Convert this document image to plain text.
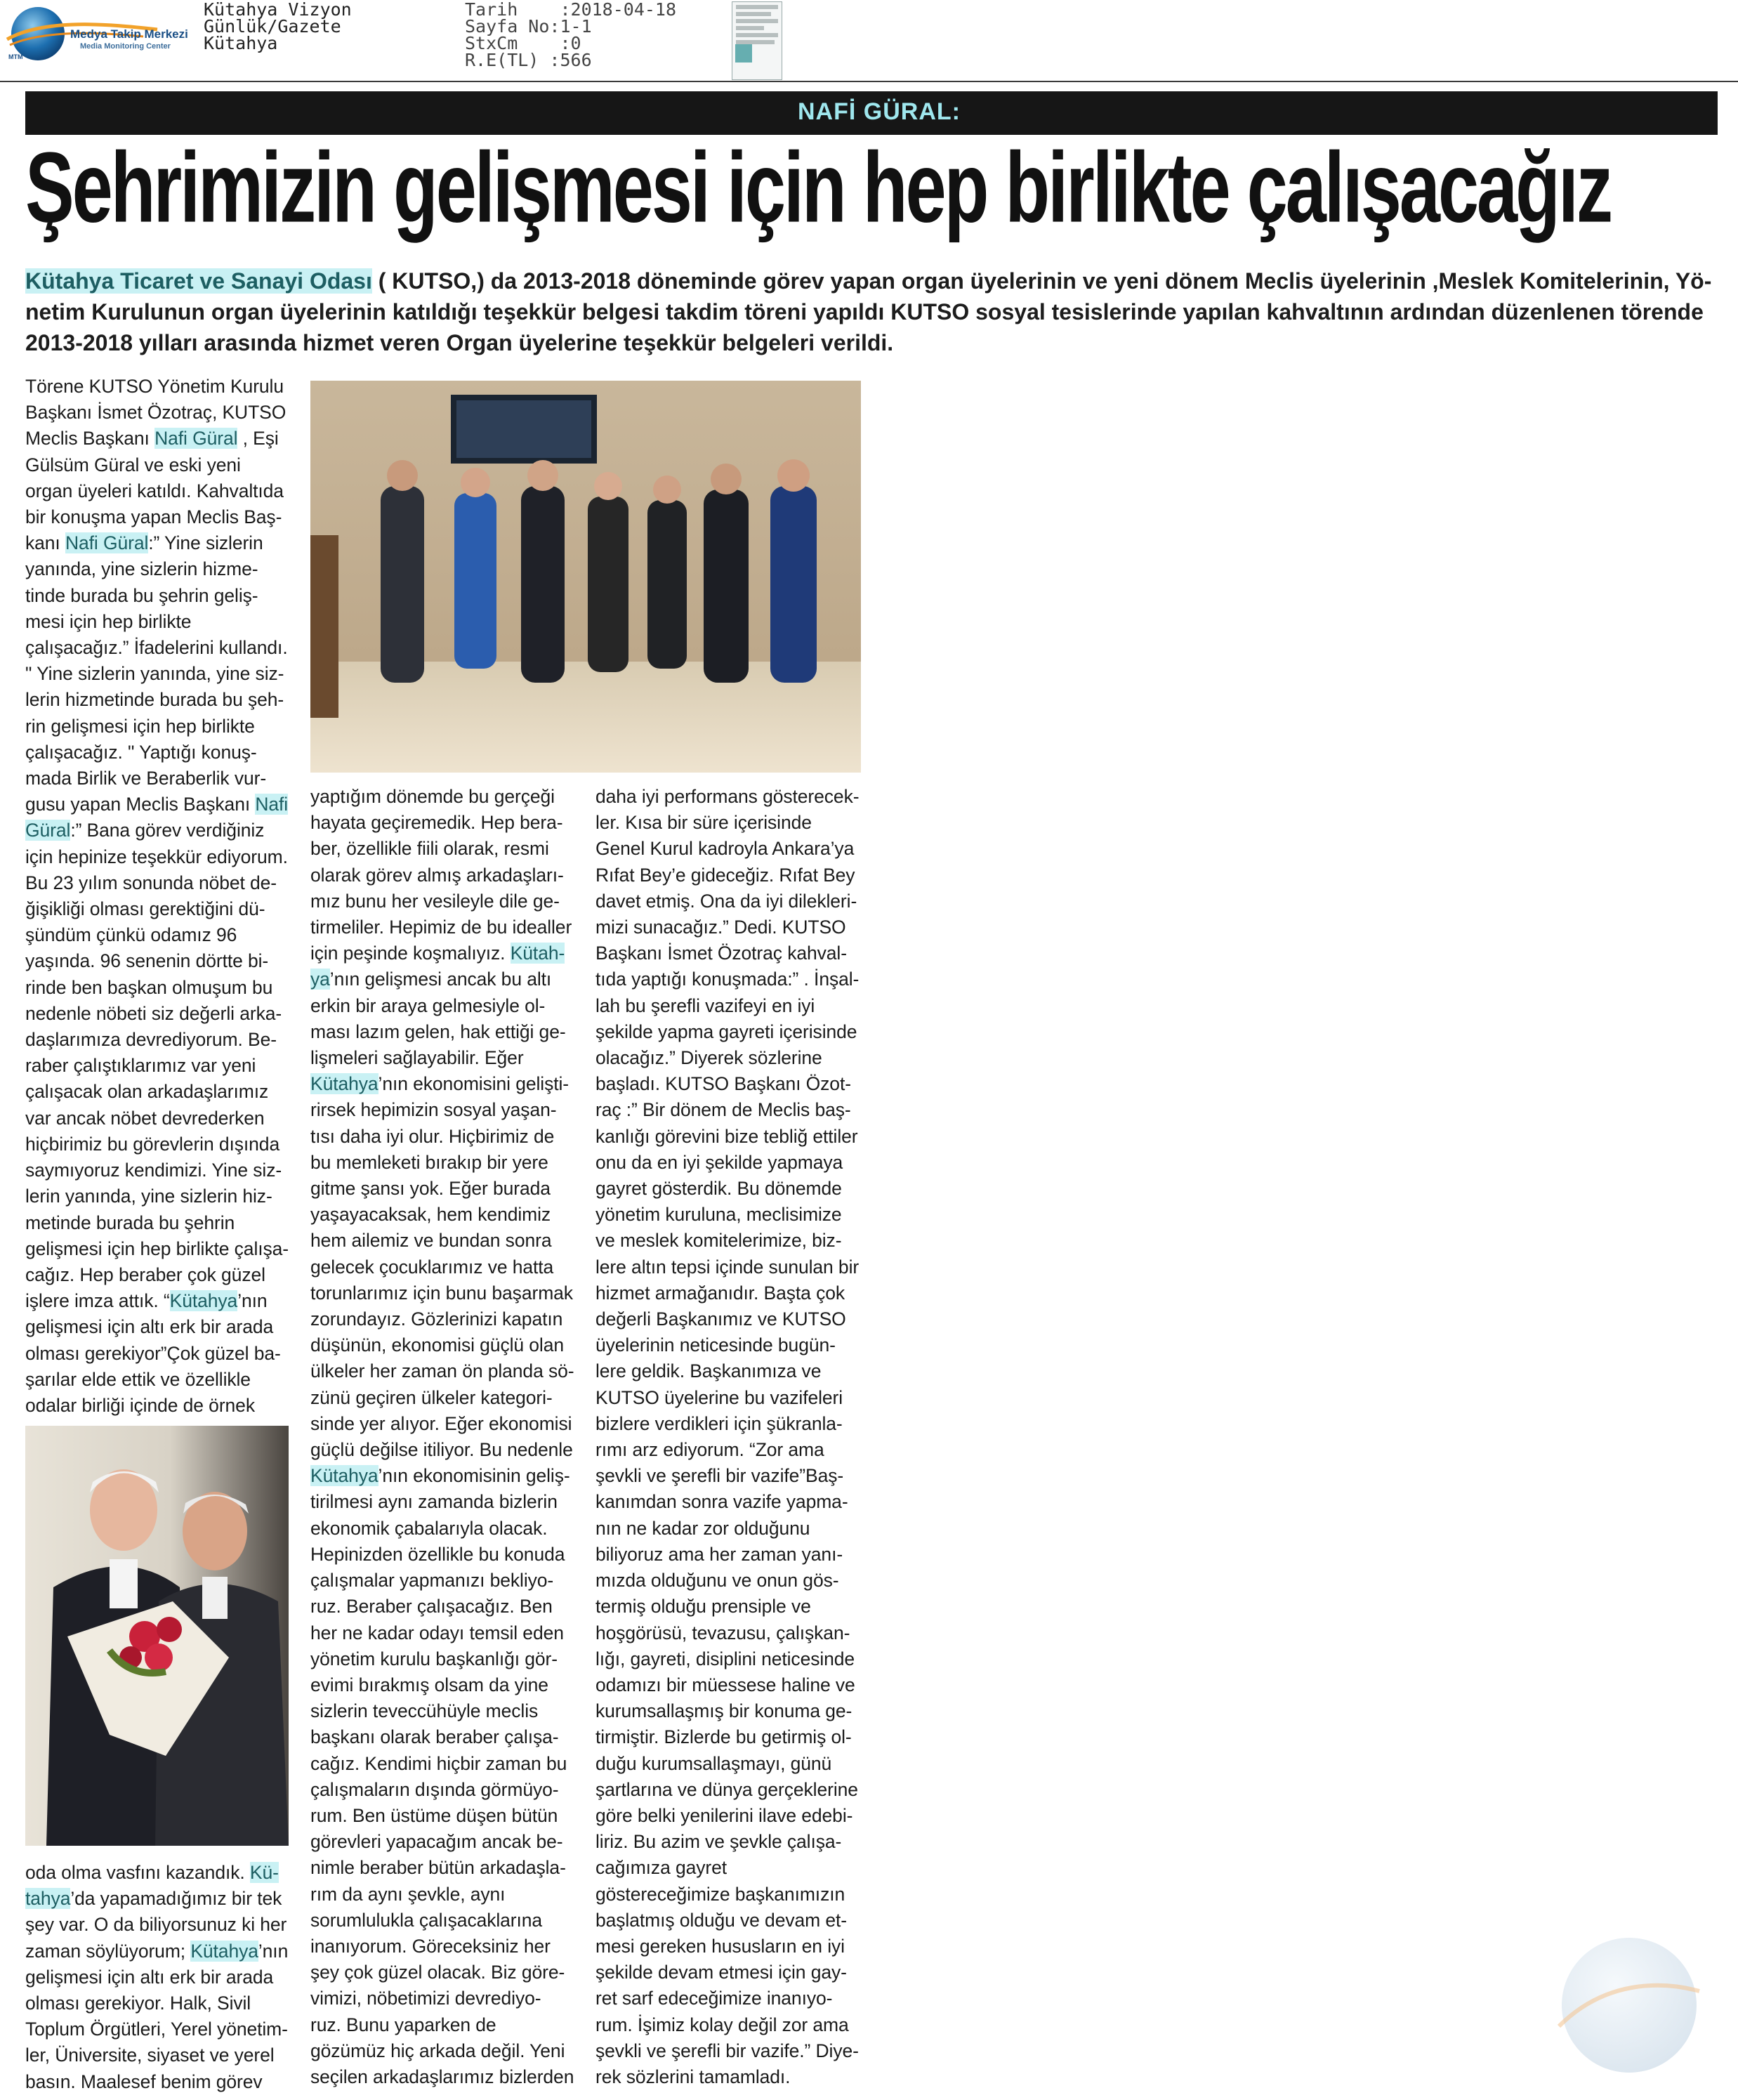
Medya Takip Merkezi
Media Monitoring Center
MTM
Kütahya Vizyon
Günlük/Gazete
Kütahya
Tarih    :2018-04-18
Sayfa No:1-1
StxCm    :0
R.E(TL) :566
NAFİ GÜRAL:
Şehrimizin gelişmesi için hep birlikte çalışacağız
Kütahya Ticaret ve Sanayi Odası ( KUTSO,) da 2013-2018 döneminde görev yapan organ üyelerinin ve yeni dönem Meclis üyelerinin ,Meslek Komitelerinin, Yö-
netim Kurulunun organ üyelerinin katıldığı teşekkür belgesi takdim töreni yapıldı KUTSO sosyal tesislerinde yapılan kahvaltının ardından düzenlenen törende
2013-2018 yılları arasında hizmet veren Organ üyelerine teşekkür belgeleri verildi.
Törene KUTSO Yönetim Kurulu
Başkanı İsmet Özotraç, KUTSO
Meclis Başkanı Nafi Güral , Eşi
Gülsüm Güral ve eski yeni
organ üyeleri katıldı. Kahvaltıda
bir konuşma yapan Meclis Baş-
kanı Nafi Güral:” Yine sizlerin
yanında, yine sizlerin hizme-
tinde burada bu şehrin geliş-
mesi için hep birlikte
çalışacağız.” İfadelerini kullandı.
" Yine sizlerin yanında, yine siz-
lerin hizmetinde burada bu şeh-
rin gelişmesi için hep birlikte
çalışacağız. " Yaptığı konuş-
mada Birlik ve Beraberlik vur-
gusu yapan Meclis Başkanı Nafi
Güral:” Bana görev verdiğiniz
için hepinize teşekkür ediyorum.
Bu 23 yılım sonunda nöbet de-
ğişikliği olması gerektiğini dü-
şündüm çünkü odamız 96
yaşında. 96 senenin dörtte bi-
rinde ben başkan olmuşum bu
nedenle nöbeti siz değerli arka-
daşlarımıza devrediyorum. Be-
raber çalıştıklarımız var yeni
çalışacak olan arkadaşlarımız
var ancak nöbet devrederken
hiçbirimiz bu görevlerin dışında
saymıyoruz kendimizi. Yine siz-
lerin yanında, yine sizlerin hiz-
metinde burada bu şehrin
gelişmesi için hep birlikte çalışa-
cağız. Hep beraber çok güzel
işlere imza attık. “Kütahya’nın
gelişmesi için altı erk bir arada
olması gerekiyor”Çok güzel ba-
şarılar elde ettik ve özellikle
odalar birliği içinde de örnek
oda olma vasfını kazandık. Kü-
tahya’da yapamadığımız bir tek
şey var. O da biliyorsunuz ki her
zaman söylüyorum; Kütahya’nın
gelişmesi için altı erk bir arada
olması gerekiyor. Halk, Sivil
Toplum Örgütleri, Yerel yönetim-
ler, Üniversite, siyaset ve yerel
basın. Maalesef benim görev
yaptığım dönemde bu gerçeği
hayata geçiremedik. Hep bera-
ber, özellikle fiili olarak, resmi
olarak görev almış arkadaşları-
mız bunu her vesileyle dile ge-
tirmeliler. Hepimiz de bu idealler
için peşinde koşmalıyız. Kütah-
ya’nın gelişmesi ancak bu altı
erkin bir araya gelmesiyle ol-
ması lazım gelen, hak ettiği ge-
lişmeleri sağlayabilir. Eğer
Kütahya’nın ekonomisini gelişti-
rirsek hepimizin sosyal yaşan-
tısı daha iyi olur. Hiçbirimiz de
bu memleketi bırakıp bir yere
gitme şansı yok. Eğer burada
yaşayacaksak, hem kendimiz
hem ailemiz ve bundan sonra
gelecek çocuklarımız ve hatta
torunlarımız için bunu başarmak
zorundayız. Gözlerinizi kapatın
düşünün, ekonomisi güçlü olan
ülkeler her zaman ön planda sö-
zünü geçiren ülkeler kategori-
sinde yer alıyor. Eğer ekonomisi
güçlü değilse itiliyor. Bu nedenle
Kütahya’nın ekonomisinin geliş-
tirilmesi aynı zamanda bizlerin
ekonomik çabalarıyla olacak.
Hepinizden özellikle bu konuda
çalışmalar yapmanızı bekliyo-
ruz. Beraber çalışacağız. Ben
her ne kadar odayı temsil eden
yönetim kurulu başkanlığı gör-
evimi bırakmış olsam da yine
sizlerin teveccühüyle meclis
başkanı olarak beraber çalışa-
cağız. Kendimi hiçbir zaman bu
çalışmaların dışında görmüyo-
rum. Ben üstüme düşen bütün
görevleri yapacağım ancak be-
nimle beraber bütün arkadaşla-
rım da aynı şevkle, aynı
sorumlulukla çalışacaklarına
inanıyorum. Göreceksiniz her
şey çok güzel olacak. Biz göre-
vimizi, nöbetimizi devrediyo-
ruz. Bunu yaparken de
gözümüz hiç arkada değil. Yeni
seçilen arkadaşlarımız bizlerden
daha iyi performans gösterecek-
ler. Kısa bir süre içerisinde
Genel Kurul kadroyla Ankara’ya
Rıfat Bey’e gideceğiz. Rıfat Bey
davet etmiş. Ona da iyi dilekleri-
mizi sunacağız.” Dedi. KUTSO
Başkanı İsmet Özotraç kahval-
tıda yaptığı konuşmada:” . İnşal-
lah bu şerefli vazifeyi en iyi
şekilde yapma gayreti içerisinde
olacağız.” Diyerek sözlerine
başladı. KUTSO Başkanı Özot-
raç :” Bir dönem de Meclis baş-
kanlığı görevini bize tebliğ ettiler
onu da en iyi şekilde yapmaya
gayret gösterdik. Bu dönemde
yönetim kuruluna, meclisimize
ve meslek komitelerimize, biz-
lere altın tepsi içinde sunulan bir
hizmet armağanıdır. Başta çok
değerli Başkanımız ve KUTSO
üyelerinin neticesinde bugün-
lere geldik. Başkanımıza ve
KUTSO üyelerine bu vazifeleri
bizlere verdikleri için şükranla-
rımı arz ediyorum. “Zor ama
şevkli ve şerefli bir vazife”Baş-
kanımdan sonra vazife yapma-
nın ne kadar zor olduğunu
biliyoruz ama her zaman yanı-
mızda olduğunu ve onun gös-
termiş olduğu prensiple ve
hoşgörüsü, tevazusu, çalışkan-
lığı, gayreti, disiplini neticesinde
odamızı bir müessese haline ve
kurumsallaşmış bir konuma ge-
tirmiştir. Bizlerde bu getirmiş ol-
duğu kurumsallaşmayı, günü
şartlarına ve dünya gerçeklerine
göre belki yenilerini ilave edebi-
liriz. Bu azim ve şevkle çalışa-
cağımıza gayret
göstereceğimize başkanımızın
başlatmış olduğu ve devam et-
mesi gereken hususların en iyi
şekilde devam etmesi için gay-
ret sarf edeceğimize inanıyo-
rum. İşimiz kolay değil zor ama
şevkli ve şerefli bir vazife.” Diye-
rek sözlerini tamamladı.
